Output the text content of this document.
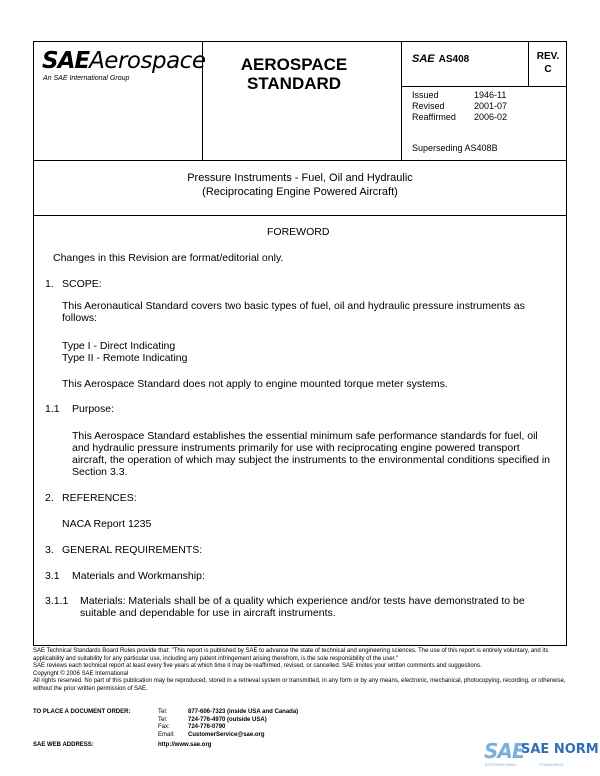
SAEAerospace
An SAE International Group
AEROSPACE STANDARD
SAE AS408	REV.
C
Issued	1946-11
Revised	2001-07
Reaffirmed	2006-02
Superseding AS408B
Pressure Instruments - Fuel, Oil and Hydraulic
(Reciprocating Engine Powered Aircraft)
FOREWORD
Changes in this Revision are format/editorial only.
1. SCOPE:
This Aeronautical Standard covers two basic types of fuel, oil and hydraulic pressure instruments as follows:
Type I - Direct Indicating
Type II - Remote Indicating
This Aerospace Standard does not apply to engine mounted torque meter systems.
1.1 Purpose:
This Aerospace Standard establishes the essential minimum safe performance standards for fuel, oil and hydraulic pressure instruments primarily for use with reciprocating engine powered transport aircraft, the operation of which may subject the instruments to the environmental conditions specified in Section 3.3.
2. REFERENCES:
NACA Report 1235
3. GENERAL REQUIREMENTS:
3.1 Materials and Workmanship:
3.1.1 Materials: Materials shall be of a quality which experience and/or tests have demonstrated to be suitable and dependable for use in aircraft instruments.

SAE Technical Standards Board Rules provide that: "This report is published by SAE to advance the state of technical and engineering sciences. The use of this report is entirely voluntary, and its applicability and suitability for any particular use, including any patent infringement arising therefrom, is the sole responsibility of the user."

SAE reviews each technical report at least every five years at which time it may be reaffirmed, revised, or cancelled. SAE invites your written comments and suggestions.

Copyright © 2006 SAE International

All rights reserved. No part of this publication may be reproduced, stored in a retrieval system or transmitted, in any form or by any means, electronic, mechanical, photocopying, recording, or otherwise, without the prior written permission of SAE.

TO PLACE A DOCUMENT ORDER:	Tel:	877-606-7323 (inside USA and Canada)
Tel:	724-776-4970 (outside USA)
Fax:	724-776-0790
Email: CustomerService@sae.org
SAE WEB ADDRESS:	http://www.sae.org	SAE
SAE NORM
INTERNATIONAL	STANDARDS
